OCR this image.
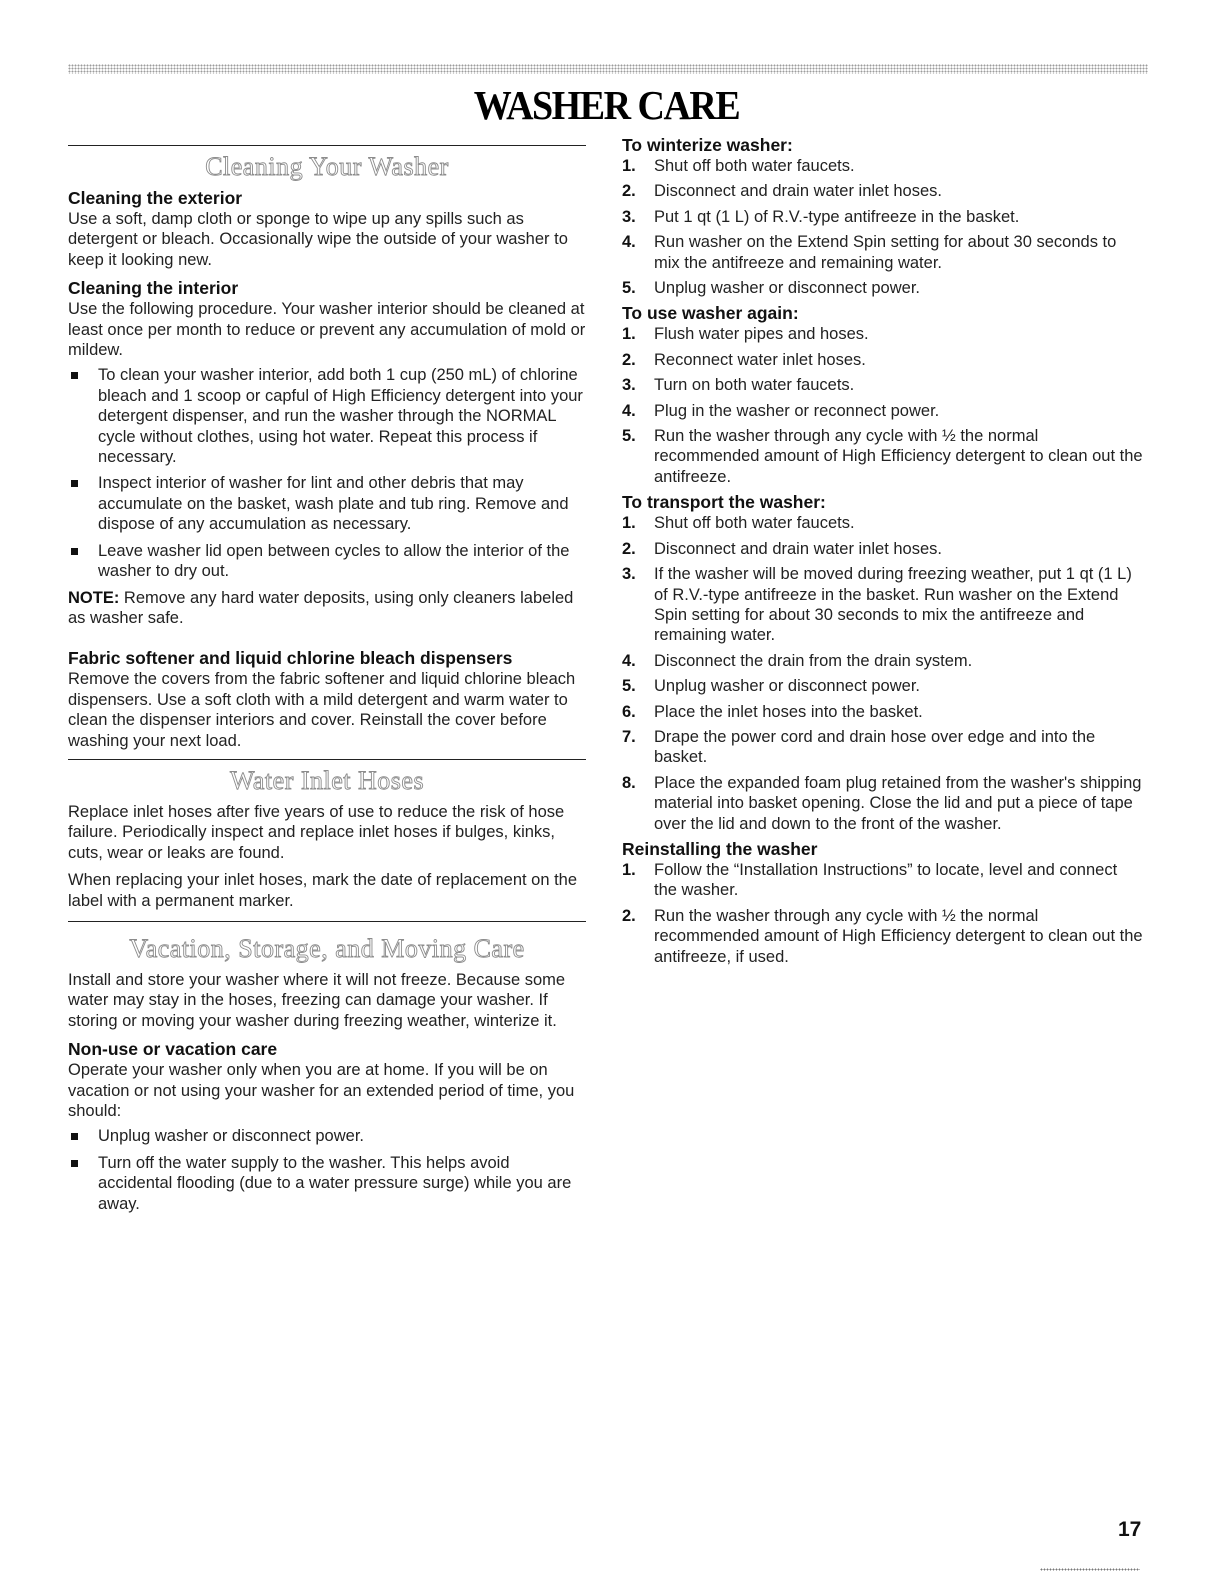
WASHER CARE
Cleaning Your Washer

Cleaning the exterior

Use a soft, damp cloth or sponge to wipe up any spills such as detergent or bleach. Occasionally wipe the outside of your washer to keep it looking new.

Cleaning the interior

Use the following procedure. Your washer interior should be cleaned at least once per month to reduce or prevent any accumulation of mold or mildew.

To clean your washer interior, add both 1 cup (250 mL) of chlorine bleach and 1 scoop or capful of High Efficiency detergent into your detergent dispenser, and run the washer through the NORMAL cycle without clothes, using hot water. Repeat this process if necessary.
Inspect interior of washer for lint and other debris that may accumulate on the basket, wash plate and tub ring. Remove and dispose of any accumulation as necessary.
Leave washer lid open between cycles to allow the interior of the washer to dry out.

NOTE: Remove any hard water deposits, using only cleaners labeled as washer safe.

Fabric softener and liquid chlorine bleach dispensers

Remove the covers from the fabric softener and liquid chlorine bleach dispensers. Use a soft cloth with a mild detergent and warm water to clean the dispenser interiors and cover. Reinstall the cover before washing your next load.

Water Inlet Hoses

Replace inlet hoses after five years of use to reduce the risk of hose failure. Periodically inspect and replace inlet hoses if bulges, kinks, cuts, wear or leaks are found.

When replacing your inlet hoses, mark the date of replacement on the label with a permanent marker.

Vacation, Storage, and Moving Care

Install and store your washer where it will not freeze. Because some water may stay in the hoses, freezing can damage your washer. If storing or moving your washer during freezing weather, winterize it.

Non-use or vacation care

Operate your washer only when you are at home. If you will be on vacation or not using your washer for an extended period of time, you should:

Unplug washer or disconnect power.
Turn off the water supply to the washer. This helps avoid accidental flooding (due to a water pressure surge) while you are away.

To winterize washer:

1. Shut off both water faucets.
2. Disconnect and drain water inlet hoses.
3. Put 1 qt (1 L) of R.V.-type antifreeze in the basket.
4. Run washer on the Extend Spin setting for about 30 seconds to mix the antifreeze and remaining water.
5. Unplug washer or disconnect power.

To use washer again:

1. Flush water pipes and hoses.
2. Reconnect water inlet hoses.
3. Turn on both water faucets.
4. Plug in the washer or reconnect power.
5. Run the washer through any cycle with ½ the normal recommended amount of High Efficiency detergent to clean out the antifreeze.

To transport the washer:

1. Shut off both water faucets.
2. Disconnect and drain water inlet hoses.
3. If the washer will be moved during freezing weather, put 1 qt (1 L) of R.V.-type antifreeze in the basket. Run washer on the Extend Spin setting for about 30 seconds to mix the antifreeze and remaining water.
4. Disconnect the drain from the drain system.
5. Unplug washer or disconnect power.
6. Place the inlet hoses into the basket.
7. Drape the power cord and drain hose over edge and into the basket.
8. Place the expanded foam plug retained from the washer's shipping material into basket opening. Close the lid and put a piece of tape over the lid and down to the front of the washer.

Reinstalling the washer

1. Follow the “Installation Instructions” to locate, level and connect the washer.
2. Run the washer through any cycle with ½ the normal recommended amount of High Efficiency detergent to clean out the antifreeze, if used.
17
